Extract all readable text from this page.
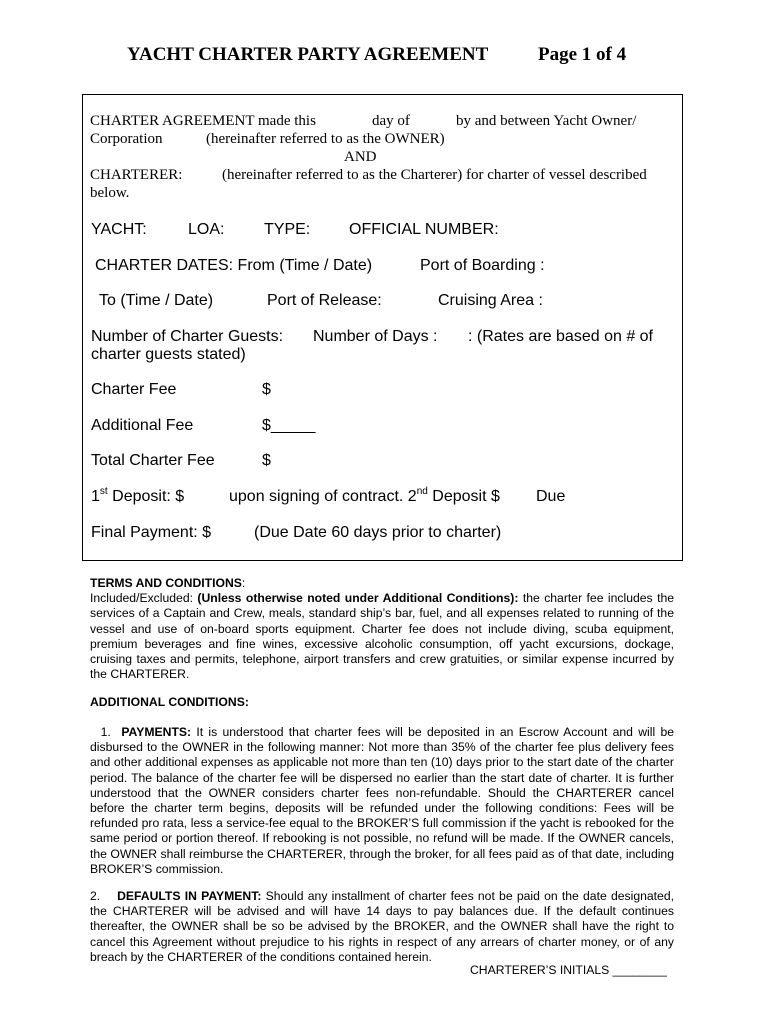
YACHT CHARTER PARTY AGREEMENT	Page 1 of 4
CHARTER AGREEMENT made this	day of	by and between Yacht Owner/
Corporation	(hereinafter referred to as the OWNER)
AND
CHARTERER:	(hereinafter referred to as the Charterer) for charter of vessel described
below.
YACHT:	LOA: TYPE: OFFICIAL NUMBER:
CHARTER DATES: From (Time / Date)	Port of Boarding :
To (Time / Date)	Port of Release:	Cruising Area :
Number of Charter Guests: Number of Days : : (Rates are based on # of
charter guests stated)
Charter Fee	$
Additional Fee	$_____
Total Charter Fee	$
1st Deposit: $	upon signing of contract. 2nd Deposit $ Due
Final Payment: $	(Due Date 60 days prior to charter)

TERMS AND CONDITIONS:

Included/Excluded: (Unless otherwise noted under Additional Conditions): the charter fee includes the services of a Captain and Crew, meals, standard ship’s bar, fuel, and all expenses related to running of the vessel and use of on-board sports equipment. Charter fee does not include diving, scuba equipment, premium beverages and fine wines, excessive alcoholic consumption, off yacht excursions, dockage, cruising taxes and permits, telephone, airport transfers and crew gratuities, or similar expense incurred by the CHARTERER.

ADDITIONAL CONDITIONS:

1. PAYMENTS: It is understood that charter fees will be deposited in an Escrow Account and will be disbursed to the OWNER in the following manner: Not more than 35% of the charter fee plus delivery fees and other additional expenses as applicable not more than ten (10) days prior to the start date of the charter period. The balance of the charter fee will be dispersed no earlier than the start date of charter. It is further understood that the OWNER considers charter fees non-refundable. Should the CHARTERER cancel before the charter term begins, deposits will be refunded under the following conditions: Fees will be refunded pro rata, less a service-fee equal to the BROKER’S full commission if the yacht is rebooked for the same period or portion thereof. If rebooking is not possible, no refund will be made. If the OWNER cancels, the OWNER shall reimburse the CHARTERER, through the broker, for all fees paid as of that date, including BROKER’S commission.

2. DEFAULTS IN PAYMENT: Should any installment of charter fees not be paid on the date designated, the CHARTERER will be advised and will have 14 days to pay balances due. If the default continues thereafter, the OWNER shall be so be advised by the BROKER, and the OWNER shall have the right to cancel this Agreement without prejudice to his rights in respect of any arrears of charter money, or of any breach by the CHARTERER of the conditions contained herein.

CHARTERER’S INITIALS ________
